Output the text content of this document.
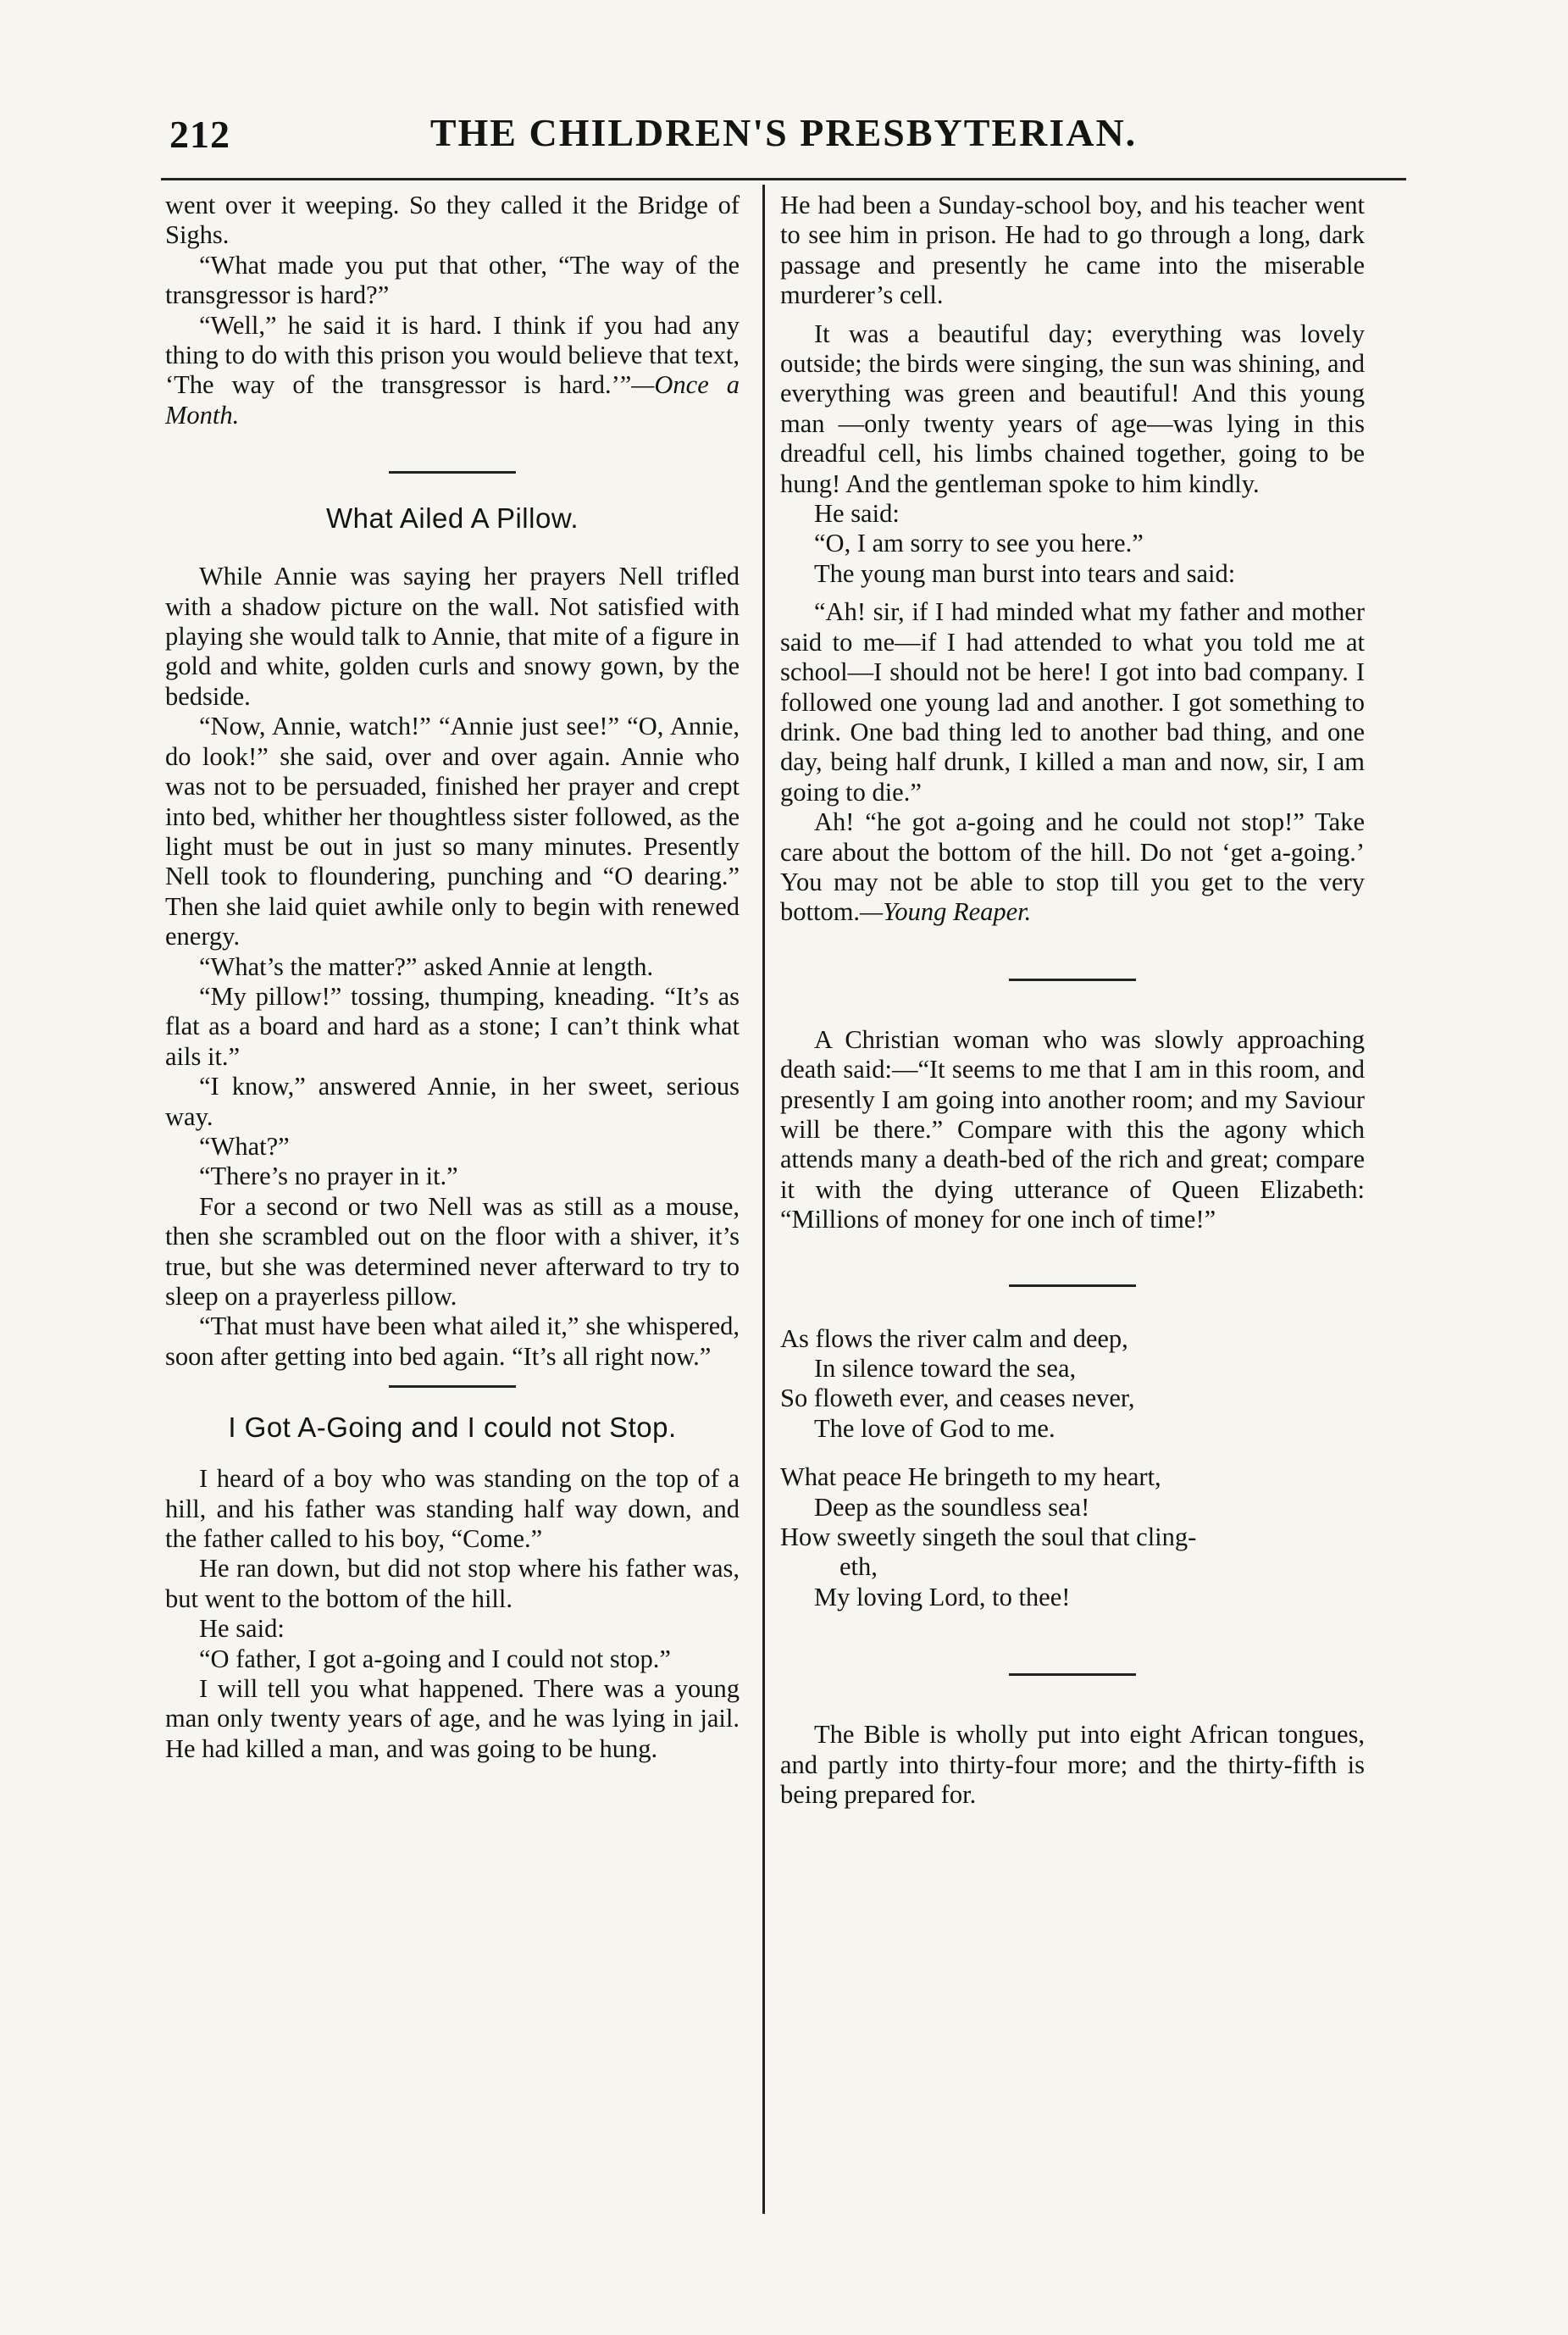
212	THE CHILDREN'S PRESBYTERIAN.

went over it weeping. So they called it the Bridge of Sighs.

“What made you put that other, “The way of the transgressor is hard?”

“Well,” he said it is hard. I think if you had any thing to do with this prison you would believe that text, ‘The way of the transgressor is hard.’”—Once a Month.

What Ailed A Pillow.

While Annie was saying her prayers Nell trifled with a shadow picture on the wall. Not satisfied with playing she would talk to Annie, that mite of a figure in gold and white, golden curls and snowy gown, by the bedside.

“Now, Annie, watch!” “Annie just see!” “O, Annie, do look!” she said, over and over again. Annie who was not to be persuaded, finished her prayer and crept into bed, whither her thoughtless sister followed, as the light must be out in just so many minutes. Presently Nell took to floundering, punching and “O dearing.” Then she laid quiet awhile only to begin with renewed energy.

“What’s the matter?” asked Annie at length.

“My pillow!” tossing, thumping, kneading. “It’s as flat as a board and hard as a stone; I can’t think what ails it.”

“I know,” answered Annie, in her sweet, serious way.

“What?”

“There’s no prayer in it.”

For a second or two Nell was as still as a mouse, then she scrambled out on the floor with a shiver, it’s true, but she was determined never afterward to try to sleep on a prayerless pillow.

“That must have been what ailed it,” she whispered, soon after getting into bed again. “It’s all right now.”

I Got A-Going and I could not Stop.

I heard of a boy who was standing on the top of a hill, and his father was standing half way down, and the father called to his boy, “Come.”

He ran down, but did not stop where his father was, but went to the bottom of the hill.

He said:

“O father, I got a-going and I could not stop.”

I will tell you what happened. There was a young man only twenty years of age, and he was lying in jail. He had killed a man, and was going to be hung.

He had been a Sunday-school boy, and his teacher went to see him in prison. He had to go through a long, dark passage and presently he came into the miserable murderer’s cell.

It was a beautiful day; everything was lovely outside; the birds were singing, the sun was shining, and everything was green and beautiful! And this young man —only twenty years of age—was lying in this dreadful cell, his limbs chained together, going to be hung! And the gentleman spoke to him kindly.

He said:

“O, I am sorry to see you here.”

The young man burst into tears and said:

“Ah! sir, if I had minded what my father and mother said to me—if I had attended to what you told me at school—I should not be here! I got into bad company. I followed one young lad and another. I got something to drink. One bad thing led to another bad thing, and one day, being half drunk, I killed a man and now, sir, I am going to die.”

Ah! “he got a-going and he could not stop!” Take care about the bottom of the hill. Do not ‘get a-going.’ You may not be able to stop till you get to the very bottom.—Young Reaper.

A Christian woman who was slowly approaching death said:—“It seems to me that I am in this room, and presently I am going into another room; and my Saviour will be there.” Compare with this the agony which attends many a death-bed of the rich and great; compare it with the dying utterance of Queen Elizabeth: “Millions of money for one inch of time!”

As flows the river calm and deep,
In silence toward the sea,
So floweth ever, and ceases never,
The love of God to me.
What peace He bringeth to my heart,
Deep as the soundless sea!
How sweetly singeth the soul that cling-
eth,
My loving Lord, to thee!

The Bible is wholly put into eight African tongues, and partly into thirty-four more; and the thirty-fifth is being prepared for.
